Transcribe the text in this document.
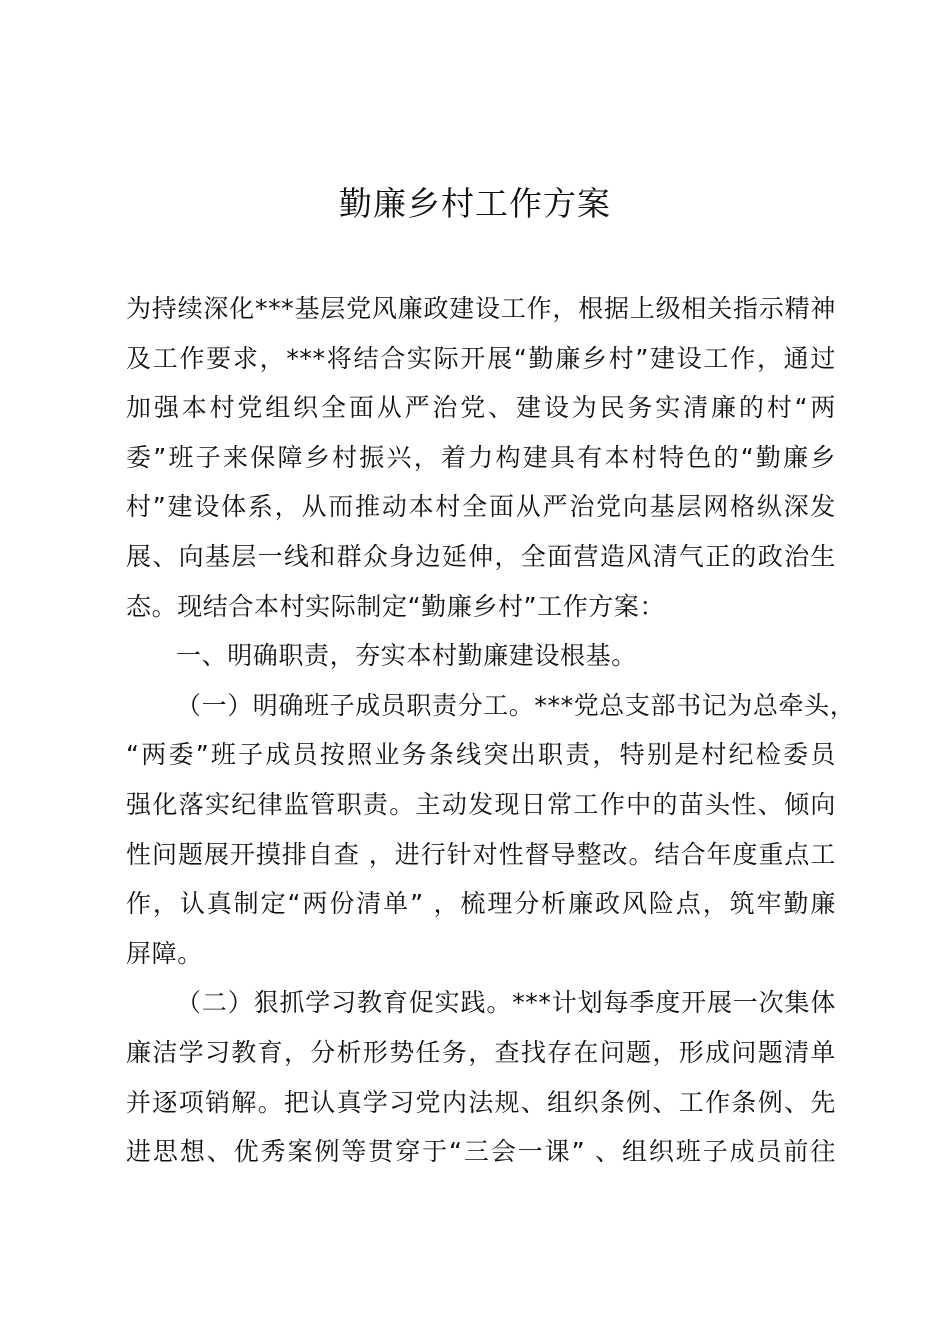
勤廉乡村工作方案
为持续深化***基层党风廉政建设工作，根据上级相关指示精神
及工作要求，***将结合实际开展“勤廉乡村”建设工作，通过
加强本村党组织全面从严治党、建设为民务实清廉的村“两
委”班子来保障乡村振兴，着力构建具有本村特色的“勤廉乡
村”建设体系，从而推动本村全面从严治党向基层网格纵深发
展、向基层一线和群众身边延伸，全面营造风清气正的政治生
态。现结合本村实际制定“勤廉乡村”工作方案：
一、明确职责，夯实本村勤廉建设根基。
（一）明确班子成员职责分工。***党总支部书记为总牵头，
“两委”班子成员按照业务条线突出职责，特别是村纪检委员
强化落实纪律监管职责。主动发现日常工作中的苗头性、倾向
性问题展开摸排自查 ，进行针对性督导整改。结合年度重点工
作，认真制定“两份清单” ，梳理分析廉政风险点，筑牢勤廉
屏障。
（二）狠抓学习教育促实践。***计划每季度开展一次集体
廉洁学习教育，分析形势任务，查找存在问题，形成问题清单
并逐项销解。把认真学习党内法规、组织条例、工作条例、先
进思想、优秀案例等贯穿于“三会一课” 、组织班子成员前往
